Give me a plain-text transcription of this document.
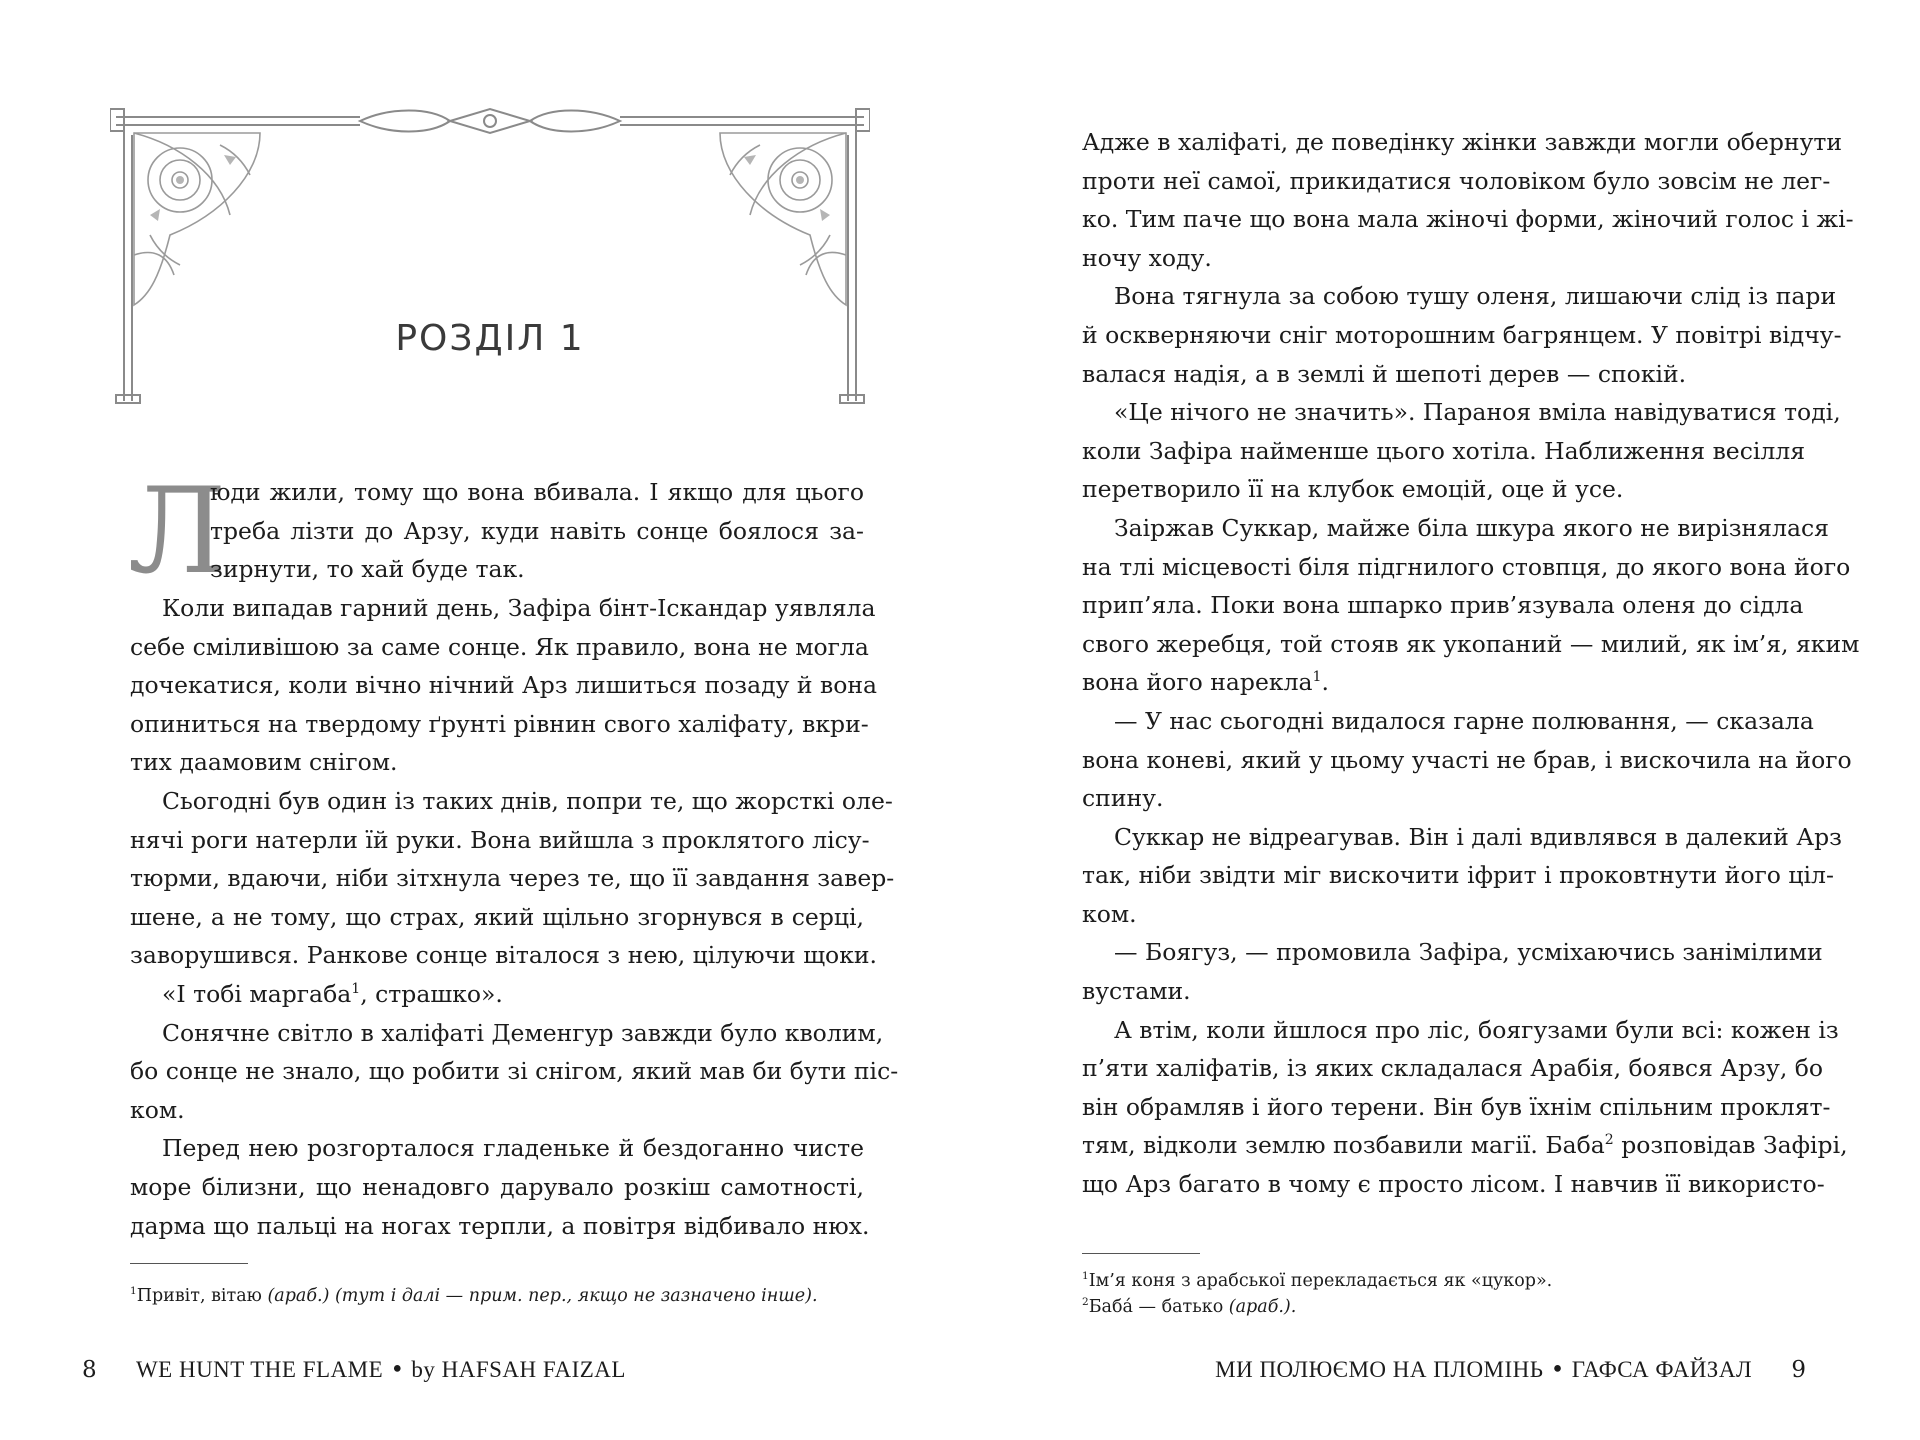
РОЗДІЛ 1
Л
юди жили, тому що вона вбивала. І якщо для цього
треба лізти до Арзу, куди навіть сонце боялося за-
зирнути, то хай буде так.
Коли випадав гарний день, Зафіра бінт-Іскандар уявляла
себе сміливішою за саме сонце. Як правило, вона не могла
дочекатися, коли вічно нічний Арз лишиться позаду й вона
опиниться на твердому ґрунті рівнин свого халіфату, вкри-
тих даамовим снігом.
Сьогодні був один із таких днів, попри те, що жорсткі оле-
нячі роги натерли їй руки. Вона вийшла з проклятого лісу-
тюрми, вдаючи, ніби зітхнула через те, що її завдання завер-
шене, а не тому, що страх, який щільно згорнувся в серці,
заворушився. Ранкове сонце віталося з нею, цілуючи щоки.
«І тобі маргаба$^1$, страшко».
Сонячне світло в халіфаті Деменгур завжди було кволим,
бо сонце не знало, що робити зі снігом, який мав би бути піс-
ком.
Перед нею розгорталося гладеньке й бездоганно чисте
море білизни, що ненадовго дарувало розкіш самотності,
дарма що пальці на ногах терпли, а повітря відбивало нюх.

$^1$Привіт, вітаю (араб.) (тут і далі — прим. пер., якщо не зазначено інше).

8 WE HUNT THE FLAME • by HAFSAH FAIZAL

Адже в халіфаті, де поведінку жінки завжди могли обернути
проти неї самої, прикидатися чоловіком було зовсім не лег-
ко. Тим паче що вона мала жіночі форми, жіночий голос і жі-
ночу ходу.
Вона тягнула за собою тушу оленя, лишаючи слід із пари
й оскверняючи сніг моторошним багрянцем. У повітрі відчу-
валася надія, а в землі й шепоті дерев — спокій.
«Це нічого не значить». Параноя вміла навідуватися тоді,
коли Зафіра найменше цього хотіла. Наближення весілля
перетворило її на клубок емоцій, оце й усе.
Заіржав Суккар, майже біла шкура якого не вирізнялася
на тлі місцевості біля підгнилого стовпця, до якого вона його
прип’яла. Поки вона шпарко прив’язувала оленя до сідла
свого жеребця, той стояв як укопаний — милий, як ім’я, яким
вона його нарекла$^1$.
— У нас сьогодні видалося гарне полювання, — сказала
вона коневі, який у цьому участі не брав, і вискочила на його
спину.
Суккар не відреагував. Він і далі вдивлявся в далекий Арз
так, ніби звідти міг вискочити іфрит і проковтнути його ціл-
ком.
— Боягуз, — промовила Зафіра, усміхаючись занімілими
вустами.
А втім, коли йшлося про ліс, боягузами були всі: кожен із
п’яти халіфатів, із яких складалася Арабія, боявся Арзу, бо
він обрамляв і його терени. Він був їхнім спільним проклят-
тям, відколи землю позбавили магії. Баба$^2$ розповідав Зафірі,
що Арз багато в чому є просто лісом. І навчив її використо-

$^1$Ім’я коня з арабської перекладається як «цукор».

$^2$Бабá — батько (араб.).

МИ ПОЛЮЄМО НА ПЛОМІНЬ • ГАФСА ФАЙЗАЛ 9
